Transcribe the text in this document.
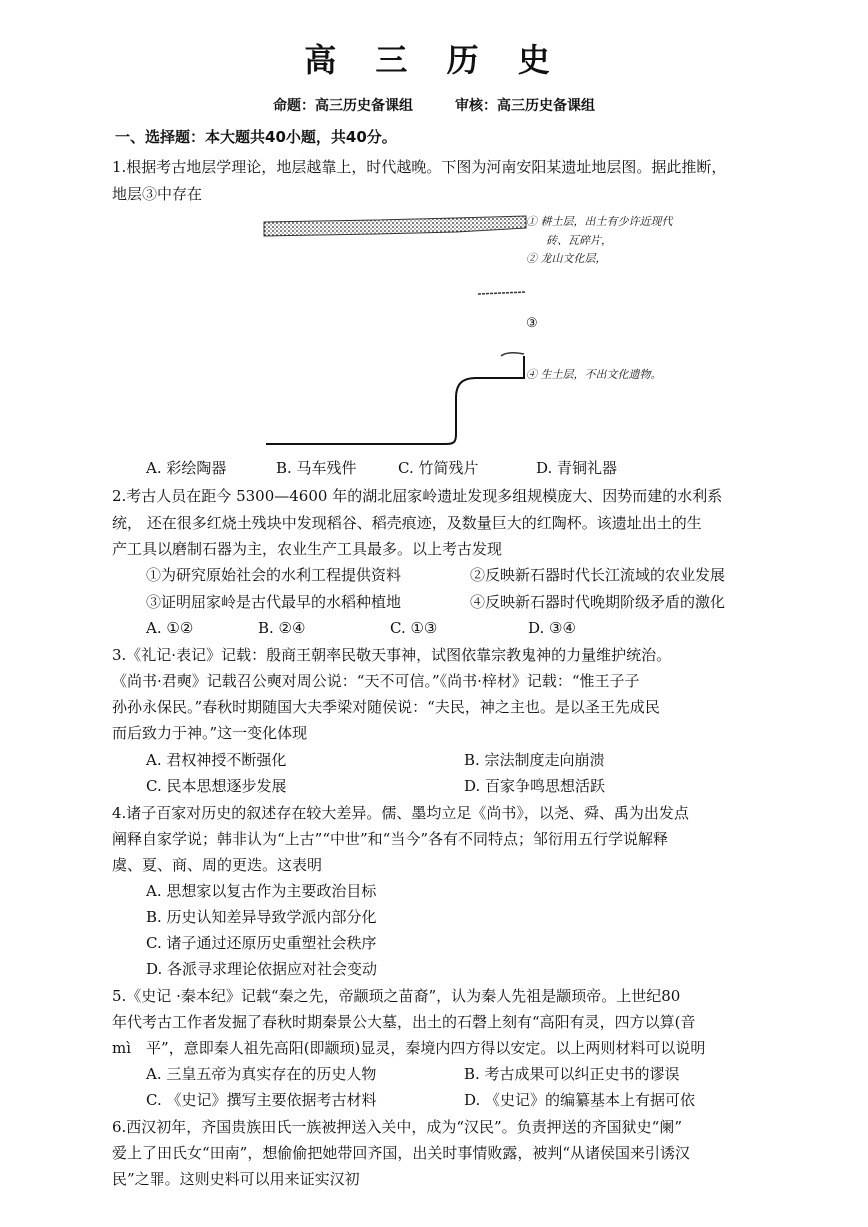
高 三 历 史
命题：高三历史备课组	审核：高三历史备课组
一、选择题：本大题共40小题，共40分。
1.根据考古地层学理论，地层越靠上，时代越晚。下图为河南安阳某遗址地层图。据此推断，
地层③中存在
① 耕土层，出土有少许近现代
砖、瓦碎片，
② 龙山文化层，
③
④ 生土层，不出文化遗物。
A. 彩绘陶器	B. 马车残件	C. 竹简残片	D. 青铜礼器
2.考古人员在距今 5300—4600 年的湖北屈家岭遗址发现多组规模庞大、因势而建的水利系
统， 还在很多红烧土残块中发现稻谷、稻壳痕迹，及数量巨大的红陶杯。该遗址出土的生
产工具以磨制石器为主，农业生产工具最多。以上考古发现
①为研究原始社会的水利工程提供资料	②反映新石器时代长江流域的农业发展
③证明屈家岭是古代最早的水稻种植地	④反映新石器时代晚期阶级矛盾的激化
A. ①②	B. ②④	C. ①③	D. ③④
3.《礼记·表记》记载：殷商王朝率民敬天事神，试图依靠宗教鬼神的力量维护统治。
《尚书·君奭》记载召公奭对周公说：“天不可信。”《尚书·梓材》记载：“惟王子子
孙孙永保民。”春秋时期随国大夫季梁对随侯说：“夫民，神之主也。是以圣王先成民
而后致力于神。”这一变化体现
A. 君权神授不断强化	B. 宗法制度走向崩溃
C. 民本思想逐步发展	D. 百家争鸣思想活跃
4.诸子百家对历史的叙述存在较大差异。儒、墨均立足《尚书》，以尧、舜、禹为出发点
阐释自家学说；韩非认为“上古”“中世”和“当今”各有不同特点；邹衍用五行学说解释
虞、夏、商、周的更迭。这表明
A. 思想家以复古作为主要政治目标
B. 历史认知差异导致学派内部分化
C. 诸子通过还原历史重塑社会秩序
D. 各派寻求理论依据应对社会变动
5.《史记 ·秦本纪》记载“秦之先，帝颛顼之苗裔”，认为秦人先祖是颛顼帝。上世纪80
年代考古工作者发掘了春秋时期秦景公大墓，出土的石磬上刻有“高阳有灵，四方以算(音
mì　平”，意即秦人祖先高阳(即颛顼)显灵，秦境内四方得以安定。以上两则材料可以说明
A. 三皇五帝为真实存在的历史人物	B. 考古成果可以纠正史书的谬误
C. 《史记》撰写主要依据考古材料	D. 《史记》的编纂基本上有据可依
6.西汉初年，齐国贵族田氏一族被押送入关中，成为“汉民”。负责押送的齐国狱史“阑”
爱上了田氏女“田南”，想偷偷把她带回齐国，出关时事情败露，被判“从诸侯国来引诱汉
民”之罪。这则史料可以用来证实汉初
